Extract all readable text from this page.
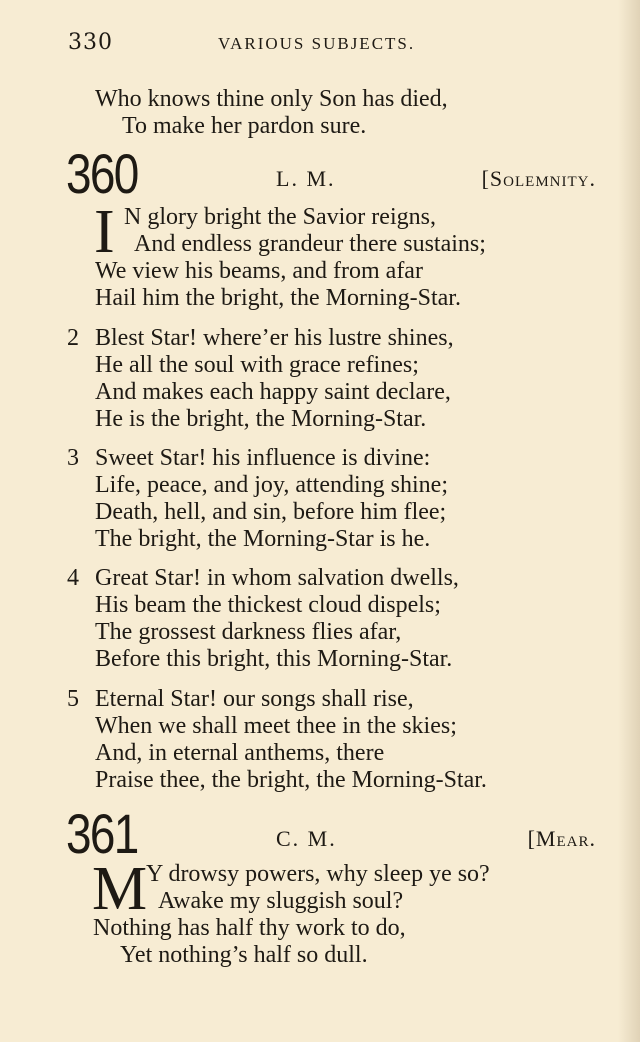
330	VARIOUS SUBJECTS.
Who knows thine only Son has died,
To make her pardon sure.
360	L. M.	[Solemnity.
I N glory bright the Savior reigns,
And endless grandeur there sustains;
We view his beams, and from afar
Hail him the bright, the Morning-Star.
2 Blest Star! where’er his lustre shines,
He all the soul with grace refines;
And makes each happy saint declare,
He is the bright, the Morning-Star.
3 Sweet Star! his influence is divine:
Life, peace, and joy, attending shine;
Death, hell, and sin, before him flee;
The bright, the Morning-Star is he.
4 Great Star! in whom salvation dwells,
His beam the thickest cloud dispels;
The grossest darkness flies afar,
Before this bright, this Morning-Star.
5 Eternal Star! our songs shall rise,
When we shall meet thee in the skies;
And, in eternal anthems, there
Praise thee, the bright, the Morning-Star.
361	C. M.	[Mear.
M
Y drowsy powers, why sleep ye so?
Awake my sluggish soul?
Nothing has half thy work to do,
Yet nothing’s half so dull.
